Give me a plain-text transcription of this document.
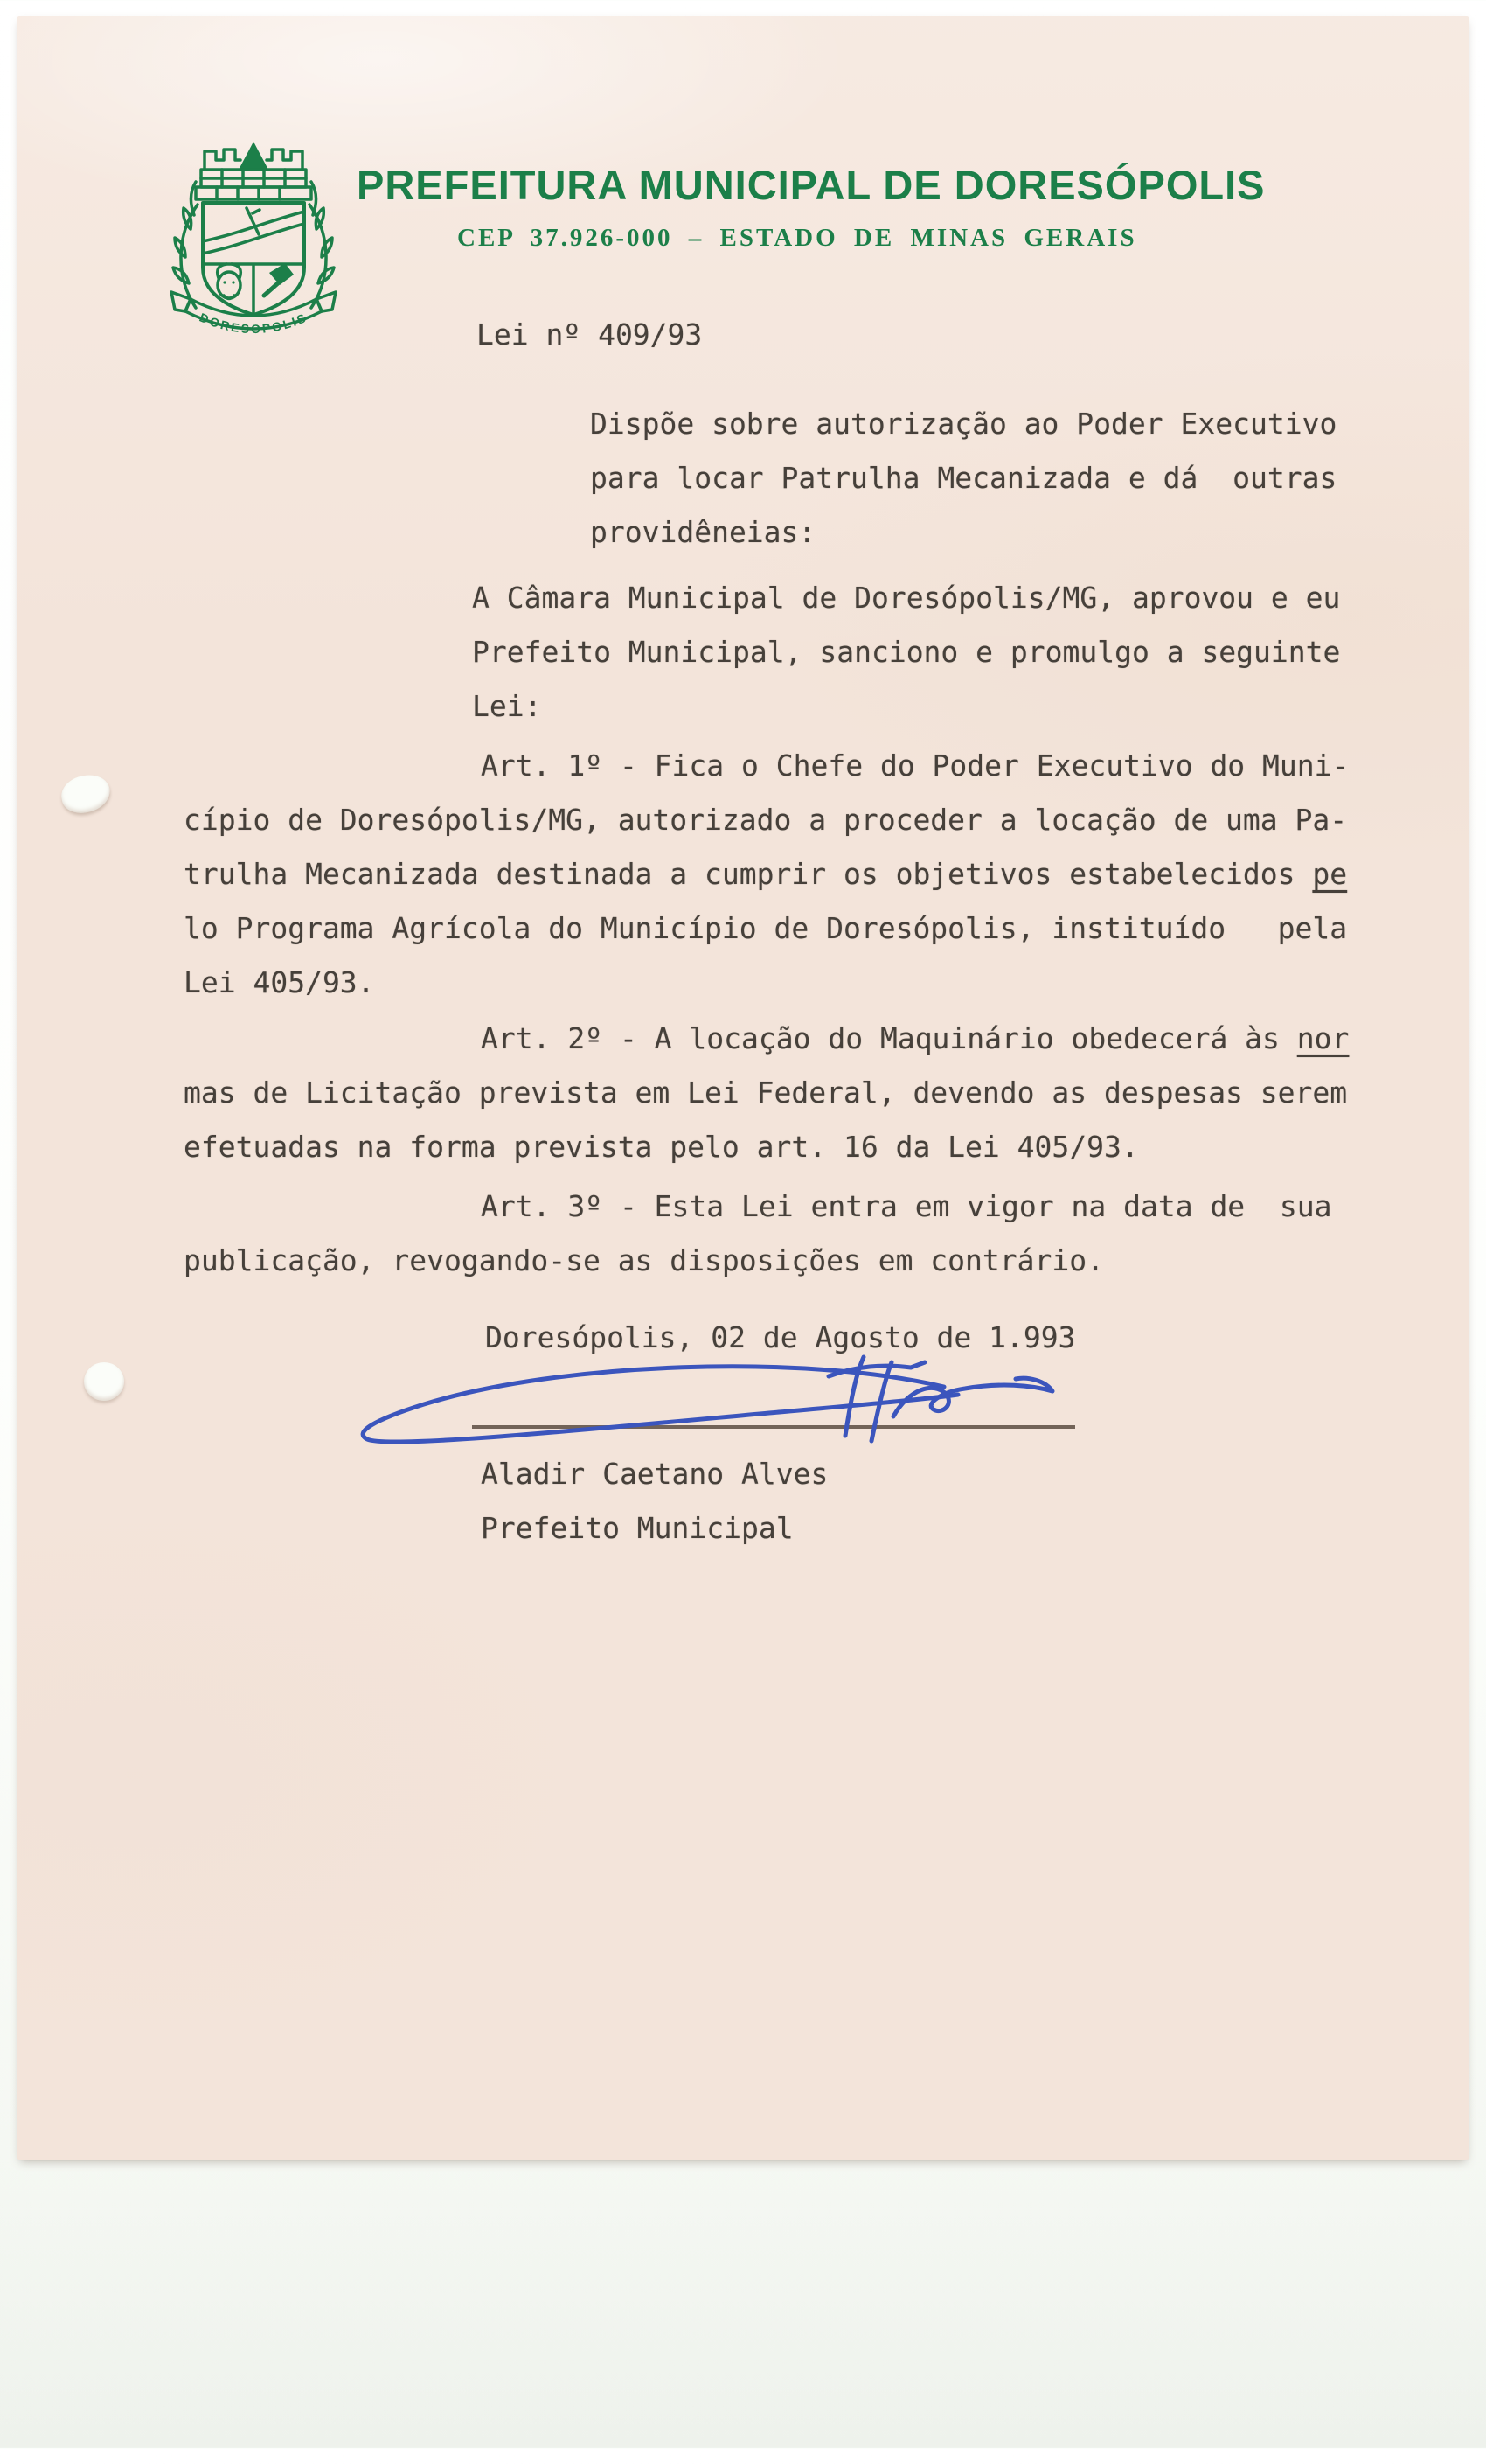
DORESOPOLIS
PREFEITURA MUNICIPAL DE DORESÓPOLIS
CEP 37.926-000 – ESTADO DE MINAS GERAIS
Lei nº 409/93
Dispõe sobre autorização ao Poder Executivo
para locar Patrulha Mecanizada e dá  outras
providêneias:
A Câmara Municipal de Doresópolis/MG, aprovou e eu
Prefeito Municipal, sanciono e promulgo a seguinte
Lei:
Art. 1º - Fica o Chefe do Poder Executivo do Muni-
cípio de Doresópolis/MG, autorizado a proceder a locação de uma Pa-
trulha Mecanizada destinada a cumprir os objetivos estabelecidos pe
lo Programa Agrícola do Município de Doresópolis, instituído   pela
Lei 405/93.
Art. 2º - A locação do Maquinário obedecerá às nor
mas de Licitação prevista em Lei Federal, devendo as despesas serem
efetuadas na forma prevista pelo art. 16 da Lei 405/93.
Art. 3º - Esta Lei entra em vigor na data de  sua
publicação, revogando-se as disposições em contrário.
Doresópolis, 02 de Agosto de 1.993
Aladir Caetano Alves
Prefeito Municipal
